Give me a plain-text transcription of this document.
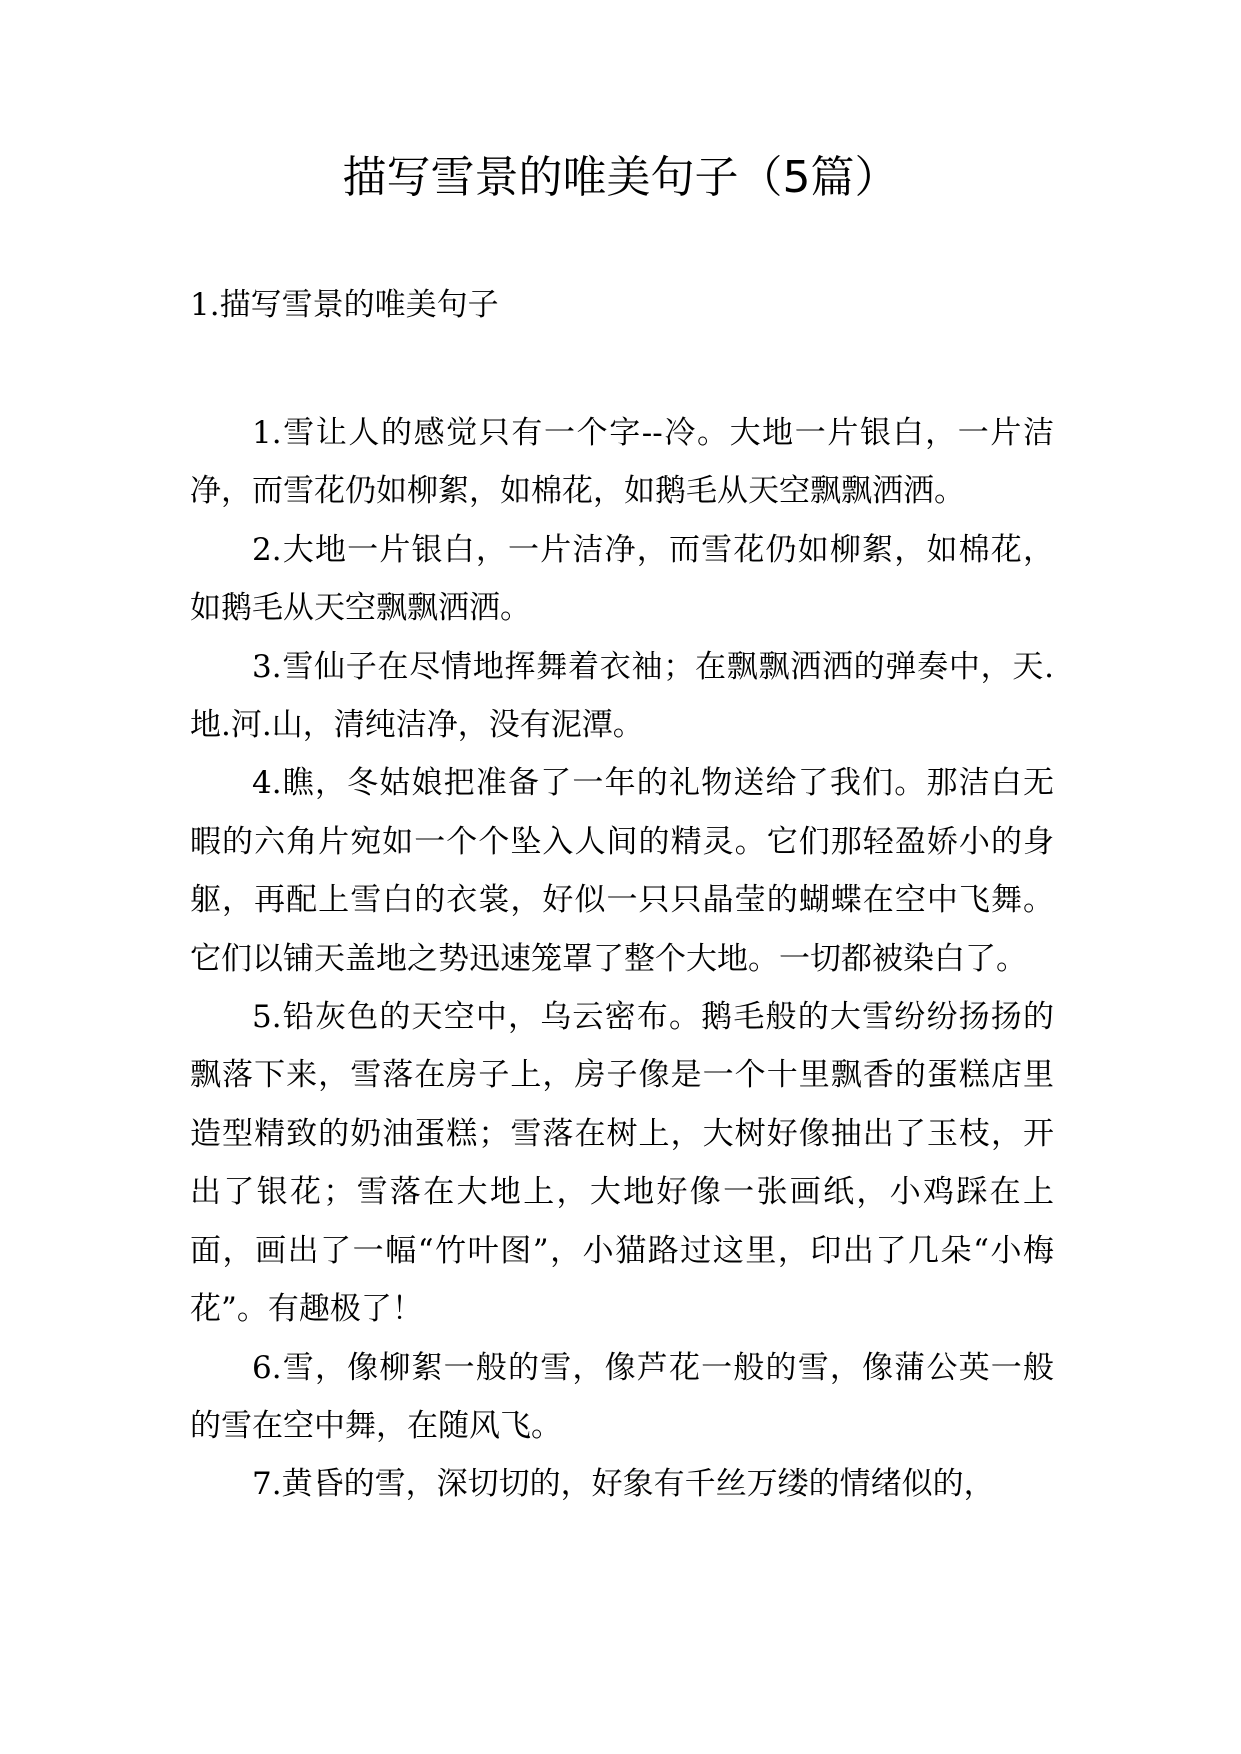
描写雪景的唯美句子（5篇）
1.描写雪景的唯美句子

1.雪让人的感觉只有一个字--冷。大地一片银白，一片洁净，而雪花仍如柳絮，如棉花，如鹅毛从天空飘飘洒洒。

2.大地一片银白，一片洁净，而雪花仍如柳絮，如棉花，如鹅毛从天空飘飘洒洒。

3.雪仙子在尽情地挥舞着衣袖；在飘飘洒洒的弹奏中，天.地.河.山，清纯洁净，没有泥潭。

4.瞧，冬姑娘把准备了一年的礼物送给了我们。那洁白无暇的六角片宛如一个个坠入人间的精灵。它们那轻盈娇小的身躯，再配上雪白的衣裳，好似一只只晶莹的蝴蝶在空中飞舞。它们以铺天盖地之势迅速笼罩了整个大地。一切都被染白了。

5.铅灰色的天空中，乌云密布。鹅毛般的大雪纷纷扬扬的飘落下来，雪落在房子上，房子像是一个十里飘香的蛋糕店里造型精致的奶油蛋糕；雪落在树上，大树好像抽出了玉枝，开出了银花；雪落在大地上，大地好像一张画纸，小鸡踩在上面，画出了一幅“竹叶图”，小猫路过这里，印出了几朵“小梅花”。有趣极了！

6.雪，像柳絮一般的雪，像芦花一般的雪，像蒲公英一般的雪在空中舞，在随风飞。

7.黄昏的雪，深切切的，好象有千丝万缕的情绪似的，
